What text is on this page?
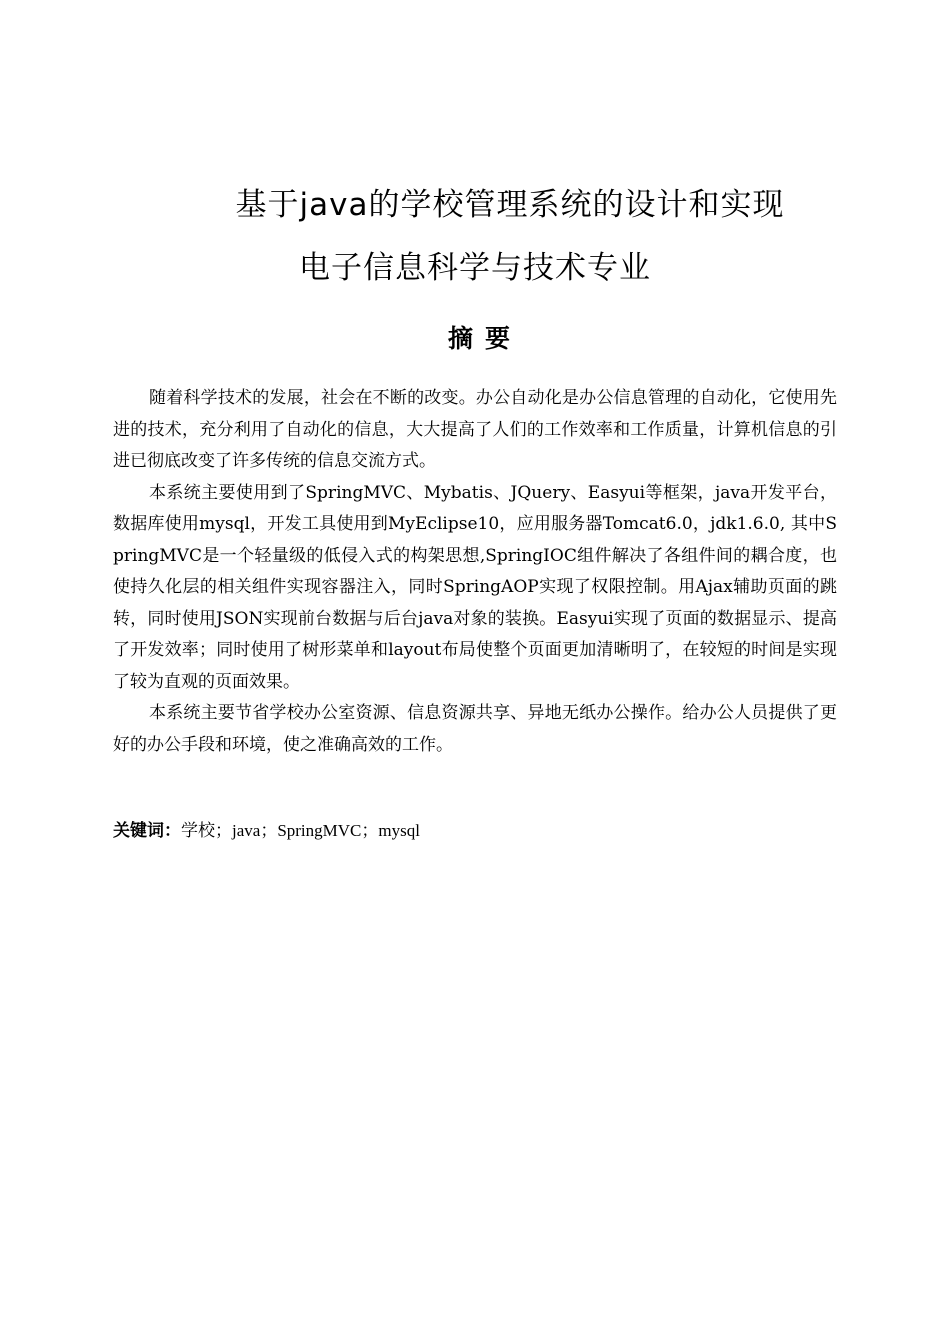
基于java的学校管理系统的设计和实现
电子信息科学与技术专业
摘要

随着科学技术的发展，社会在不断的改变。办公自动化是办公信息管理的自动化，它使用先进的技术，充分利用了自动化的信息，大大提高了人们的工作效率和工作质量，计算机信息的引进已彻底改变了许多传统的信息交流方式。

本系统主要使用到了SpringMVC、Mybatis、JQuery、Easyui等框架，java开发平台，数据库使用mysql，开发工具使用到MyEclipse10，应用服务器Tomcat6.0，jdk1.6.0, 其中SpringMVC是一个轻量级的低侵入式的构架思想,SpringIOC组件解决了各组件间的耦合度，也使持久化层的相关组件实现容器注入，同时SpringAOP实现了权限控制。用Ajax辅助页面的跳转，同时使用JSON实现前台数据与后台java对象的装换。Easyui实现了页面的数据显示、提高了开发效率；同时使用了树形菜单和layout布局使整个页面更加清晰明了，在较短的时间是实现了较为直观的页面效果。

本系统主要节省学校办公室资源、信息资源共享、异地无纸办公操作。给办公人员提供了更好的办公手段和环境，使之准确高效的工作。

关键词：学校；java；SpringMVC；mysql
